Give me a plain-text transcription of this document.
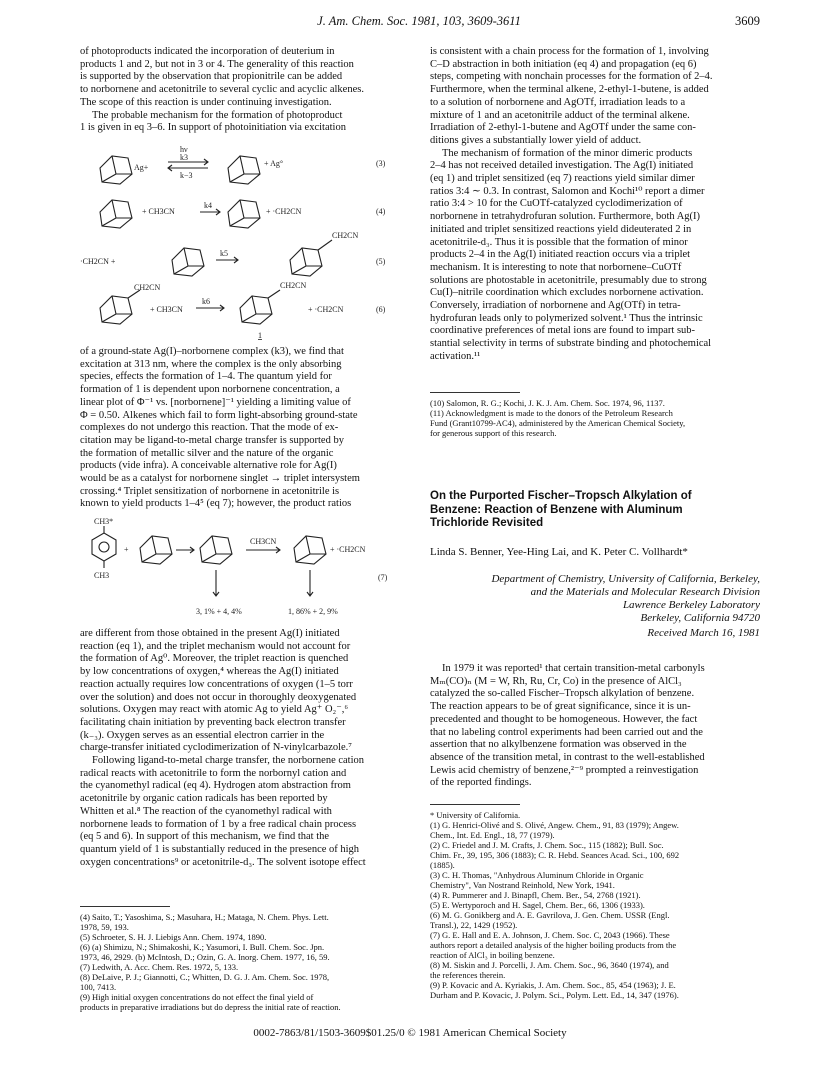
J. Am. Chem. Soc. 1981, 103, 3609-3611	3609

of photoproducts indicated the incorporation of deuterium in

products 1 and 2, but not in 3 or 4. The generality of this reaction

is supported by the observation that propionitrile can be added

to norbornene and acetonitrile to several cyclic and acyclic alkenes.

The scope of this reaction is under continuing investigation.

The probable mechanism for the formation of photoproduct

1 is given in eq 3–6. In support of photoinitiation via excitation

Ag+
hν
k3
k−3
+ Ag°	(3)
+ CH3CN
k4
+ ·CH2CN	(4)
·CH2CN +
k5
CH2CN
(5)
CH2CN
+ CH3CN
k6
CH2CN
+ ·CH2CN	(6)
1

of a ground-state Ag(I)–norbornene complex (k3), we find that

excitation at 313 nm, where the complex is the only absorbing

species, effects the formation of 1–4. The quantum yield for

formation of 1 is dependent upon norbornene concentration, a

linear plot of Φ⁻¹ vs. [norbornene]⁻¹ yielding a limiting value of

Φ = 0.50. Alkenes which fail to form light-absorbing ground-state

complexes do not undergo this reaction. That the mode of ex-

citation may be ligand-to-metal charge transfer is supported by

the formation of metallic silver and the nature of the organic

products (vide infra). A conceivable alternative role for Ag(I)

would be as a catalyst for norbornene singlet → triplet intersystem

crossing.⁴ Triplet sensitization of norbornene in acetonitrile is

known to yield products 1–4⁵ (eq 7); however, the product ratios

CH3*
CH3
+
CH3CN
+ ·CH2CN
(7)
3, 1% + 4, 4%	1, 86% + 2, 9%

are different from those obtained in the present Ag(I) initiated

reaction (eq 1), and the triplet mechanism would not account for

the formation of Ag⁰. Moreover, the triplet reaction is quenched

by low concentrations of oxygen,⁴ whereas the Ag(I) initiated

reaction actually requires low concentrations of oxygen (1–5 torr

over the solution) and does not occur in thoroughly deoxygenated

solutions. Oxygen may react with atomic Ag to yield Ag⁺ O₂⁻,⁶

facilitating chain initiation by preventing back electron transfer

(k₋₃). Oxygen serves as an essential electron carrier in the

charge-transfer initiated cyclodimerization of N-vinylcarbazole.⁷

Following ligand-to-metal charge transfer, the norbornene cation

radical reacts with acetonitrile to form the norbornyl cation and

the cyanomethyl radical (eq 4). Hydrogen atom abstraction from

acetonitrile by organic cation radicals has been reported by

Whitten et al.⁸ The reaction of the cyanomethyl radical with

norbornene leads to formation of 1 by a free radical chain process

(eq 5 and 6). In support of this mechanism, we find that the

quantum yield of 1 is substantially reduced in the presence of high

oxygen concentrations⁹ or acetonitrile-d₃. The solvent isotope effect

(4) Saito, T.; Yasoshima, S.; Masuhara, H.; Mataga, N. Chem. Phys. Lett.

1978, 59, 193.

(5) Schroeter, S. H. J. Liebigs Ann. Chem. 1974, 1890.

(6) (a) Shimizu, N.; Shimakoshi, K.; Yasumori, I. Bull. Chem. Soc. Jpn.

1973, 46, 2929. (b) McIntosh, D.; Ozin, G. A. Inorg. Chem. 1977, 16, 59.

(7) Ledwith, A. Acc. Chem. Res. 1972, 5, 133.

(8) DeLaive, P. J.; Giannotti, C.; Whitten, D. G. J. Am. Chem. Soc. 1978,

100, 7413.

(9) High initial oxygen concentrations do not effect the final yield of

products in preparative irradiations but do depress the initial rate of reaction.

is consistent with a chain process for the formation of 1, involving

C–D abstraction in both initiation (eq 4) and propagation (eq 6)

steps, competing with nonchain processes for the formation of 2–4.

Furthermore, when the terminal alkene, 2-ethyl-1-butene, is added

to a solution of norbornene and AgOTf, irradiation leads to a

mixture of 1 and an acetonitrile adduct of the terminal alkene.

Irradiation of 2-ethyl-1-butene and AgOTf under the same con-

ditions gives a substantially lower yield of adduct.

The mechanism of formation of the minor dimeric products

2–4 has not received detailed investigation. The Ag(I) initiated

(eq 1) and triplet sensitized (eq 7) reactions yield similar dimer

ratios 3:4 ∼ 0.3. In contrast, Salomon and Kochi¹⁰ report a dimer

ratio 3:4 > 10 for the CuOTf-catalyzed cyclodimerization of

norbornene in tetrahydrofuran solution. Furthermore, both Ag(I)

initiated and triplet sensitized reactions yield dideuterated 2 in

acetonitrile-d₃. Thus it is possible that the formation of minor

products 2–4 in the Ag(I) initiated reaction occurs via a triplet

mechanism. It is interesting to note that norbornene–CuOTf

solutions are photostable in acetonitrile, presumably due to strong

Cu(I)–nitrile coordination which excludes norbornene activation.

Conversely, irradiation of norbornene and Ag(OTf) in tetra-

hydrofuran leads only to polymerized solvent.¹ Thus the intrinsic

coordinative preferences of metal ions are found to impart sub-

stantial selectivity in terms of substrate binding and photochemical

activation.¹¹

(10) Salomon, R. G.; Kochi, J. K. J. Am. Chem. Soc. 1974, 96, 1137.

(11) Acknowledgment is made to the donors of the Petroleum Research

Fund (Grant10799-AC4), administered by the American Chemical Society,

for generous support of this research.

On the Purported Fischer–Tropsch Alkylation of

Benzene: Reaction of Benzene with Aluminum

Trichloride Revisited

Linda S. Benner, Yee-Hing Lai, and K. Peter C. Vollhardt*

Department of Chemistry, University of California, Berkeley,

and the Materials and Molecular Research Division

Lawrence Berkeley Laboratory

Berkeley, California 94720

Received March 16, 1981

In 1979 it was reported¹ that certain transition-metal carbonyls

Mₘ(CO)ₙ (M = W, Rh, Ru, Cr, Co) in the presence of AlCl₃

catalyzed the so-called Fischer–Tropsch alkylation of benzene.

The reaction appears to be of great significance, since it is un-

precedented and thought to be homogeneous. However, the fact

that no labeling control experiments had been carried out and the

assertion that no alkylbenzene formation was observed in the

absence of the transition metal, in contrast to the well-established

Lewis acid chemistry of benzene,²⁻⁹ prompted a reinvestigation

of the reported findings.

* University of California.

(1) G. Henrici-Olivé and S. Olivé, Angew. Chem., 91, 83 (1979); Angew.

Chem., Int. Ed. Engl., 18, 77 (1979).

(2) C. Friedel and J. M. Crafts, J. Chem. Soc., 115 (1882); Bull. Soc.

Chim. Fr., 39, 195, 306 (1883); C. R. Hebd. Seances Acad. Sci., 100, 692

(1885).

(3) C. H. Thomas, "Anhydrous Aluminum Chloride in Organic

Chemistry", Van Nostrand Reinhold, New York, 1941.

(4) R. Pummerer and J. Binapfl, Chem. Ber., 54, 2768 (1921).

(5) E. Wertyporoch and H. Sagel, Chem. Ber., 66, 1306 (1933).

(6) M. G. Gonikberg and A. E. Gavrilova, J. Gen. Chem. USSR (Engl.

Transl.), 22, 1429 (1952).

(7) G. E. Hall and E. A. Johnson, J. Chem. Soc. C, 2043 (1966). These

authors report a detailed analysis of the higher boiling products from the

reaction of AlCl₃ in boiling benzene.

(8) M. Siskin and J. Porcelli, J. Am. Chem. Soc., 96, 3640 (1974), and

the references therein.

(9) P. Kovacic and A. Kyriakis, J. Am. Chem. Soc., 85, 454 (1963); J. E.

Durham and P. Kovacic, J. Polym. Sci., Polym. Lett. Ed., 14, 347 (1976).

0002-7863/81/1503-3609$01.25/0 © 1981 American Chemical Society
